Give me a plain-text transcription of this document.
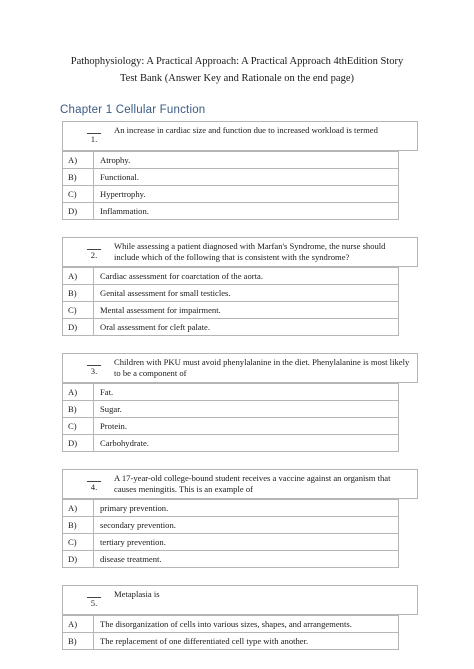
Pathophysiology: A Practical Approach: A Practical Approach 4thEdition Story
Test Bank (Answer Key and Rationale on the end page)
Chapter 1 Cellular Function
1.
An increase in cardiac size and function due to increased workload is termed
A)	Atrophy.
B)	Functional.
C)	Hypertrophy.
D)	Inflammation.
2.
While assessing a patient diagnosed with Marfan's Syndrome, the nurse should include which of the following that is consistent with the syndrome?
A)	Cardiac assessment for coarctation of the aorta.
B)	Genital assessment for small testicles.
C)	Mental assessment for impairment.
D)	Oral assessment for cleft palate.
3.
Children with PKU must avoid phenylalanine in the diet. Phenylalanine is most likely to be a component of
A)	Fat.
B)	Sugar.
C)	Protein.
D)	Carbohydrate.
4.
A 17-year-old college-bound student receives a vaccine against an organism that causes meningitis. This is an example of
A)	primary prevention.
B)	secondary prevention.
C)	tertiary prevention.
D)	disease treatment.
5.
Metaplasia is
A)	The disorganization of cells into various sizes, shapes, and arrangements.
B)	The replacement of one differentiated cell type with another.
